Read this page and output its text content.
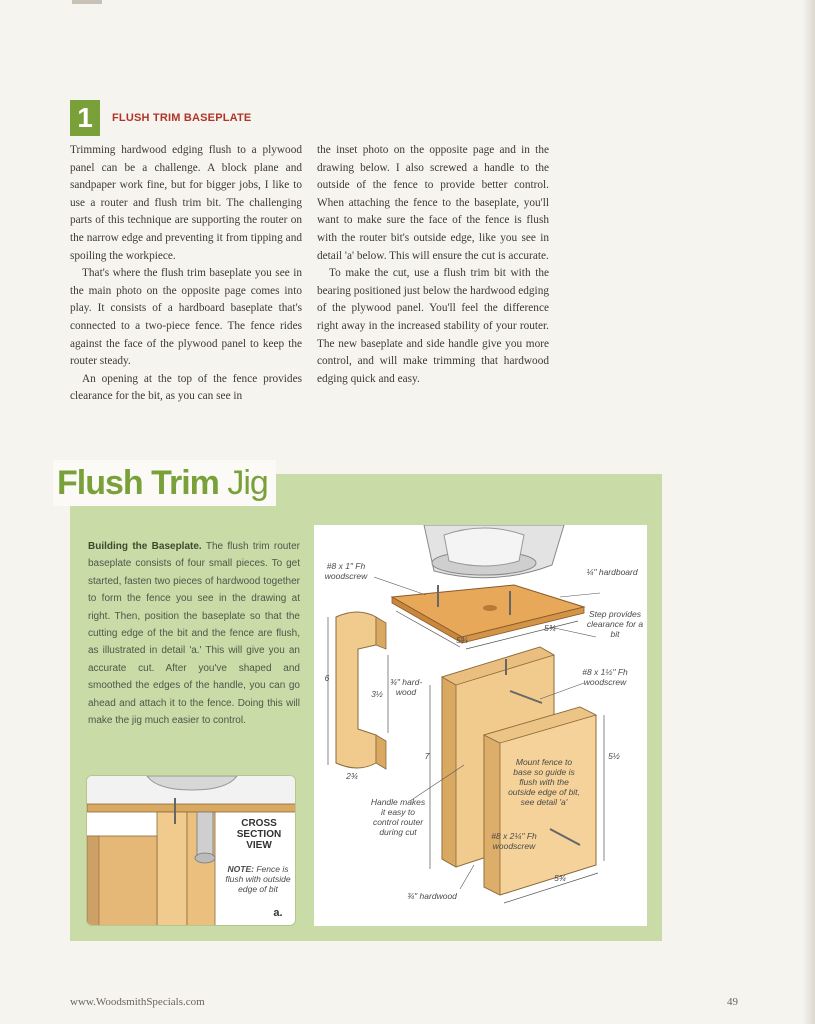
1	FLUSH TRIM BASEPLATE

Trimming hardwood edging flush to a plywood panel can be a challenge. A block plane and sandpaper work fine, but for bigger jobs, I like to use a router and flush trim bit. The challenging parts of this technique are supporting the router on the narrow edge and preventing it from tipping and spoiling the workpiece.

That's where the flush trim baseplate you see in the main photo on the opposite page comes into play. It consists of a hardboard baseplate that's connected to a two-piece fence. The fence rides against the face of the plywood panel to keep the router steady.

An opening at the top of the fence provides clearance for the bit, as you can see in

the inset photo on the opposite page and in the drawing below. I also screwed a handle to the outside of the fence to provide better control. When attaching the fence to the baseplate, you'll want to make sure the face of the fence is flush with the router bit's outside edge, like you see in detail 'a' below. This will ensure the cut is accurate.

To make the cut, use a flush trim bit with the bearing positioned just below the hardwood edging of the plywood panel. You'll feel the difference right away in the increased stability of your router. The new baseplate and side handle give you more control, and will make trimming that hardwood edging quick and easy.

Flush Trim Jig
Building the Baseplate. The flush trim router baseplate consists of four small pieces. To get started, fasten two pieces of hardwood together to form the fence you see in the drawing at right. Then, position the baseplate so that the cutting edge of the bit and the fence are flush, as illustrated in detail 'a.' This will give you an accurate cut. After you've shaped and smoothed the edges of the handle, you can go ahead and attach it to the fence. Doing this will make the jig much easier to control.
CROSS SECTION VIEW
NOTE: Fence is flush with outside edge of bit
a.
#8 x 1" Fh woodscrew	¼" hardboard
Step provides clearance for a bit
5¾
5¾
#8 x 1½" Fh woodscrew
6
3½
¾" hard-wood
2¾
7	5½
Mount fence to base so guide is flush with the outside edge of bit, see detail 'a'
Handle makes it easy to control router during cut	#8 x 2¼" Fh woodscrew
5¾
¾" hardwood
www.WoodsmithSpecials.com	49
